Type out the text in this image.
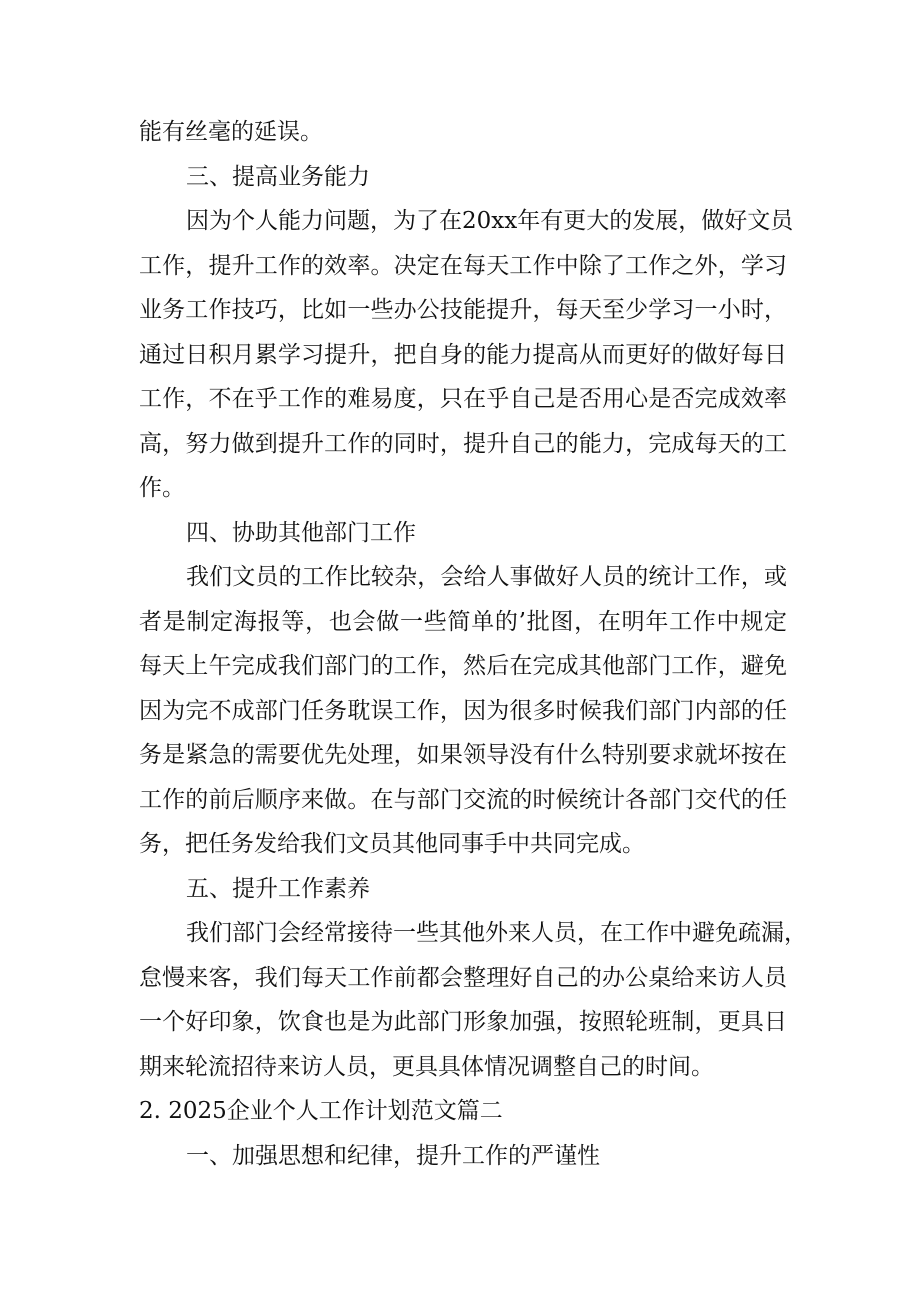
能有丝毫的延误。
三、提高业务能力
因为个人能力问题，为了在20xx年有更大的发展，做好文员
工作，提升工作的效率。决定在每天工作中除了工作之外，学习
业务工作技巧，比如一些办公技能提升，每天至少学习一小时，
通过日积月累学习提升，把自身的能力提高从而更好的做好每日
工作，不在乎工作的难易度，只在乎自己是否用心是否完成效率
高，努力做到提升工作的同时，提升自己的能力，完成每天的工
作。
四、协助其他部门工作
我们文员的工作比较杂，会给人事做好人员的统计工作，或
者是制定海报等，也会做一些简单的’批图，在明年工作中规定
每天上午完成我们部门的工作，然后在完成其他部门工作，避免
因为完不成部门任务耽误工作，因为很多时候我们部门内部的任
务是紧急的需要优先处理，如果领导没有什么特别要求就坏按在
工作的前后顺序来做。在与部门交流的时候统计各部门交代的任
务，把任务发给我们文员其他同事手中共同完成。
五、提升工作素养
我们部门会经常接待一些其他外来人员，在工作中避免疏漏，
怠慢来客，我们每天工作前都会整理好自己的办公桌给来访人员
一个好印象，饮食也是为此部门形象加强，按照轮班制，更具日
期来轮流招待来访人员，更具具体情况调整自己的时间。
2. 2025企业个人工作计划范文篇二
一、加强思想和纪律，提升工作的严谨性
